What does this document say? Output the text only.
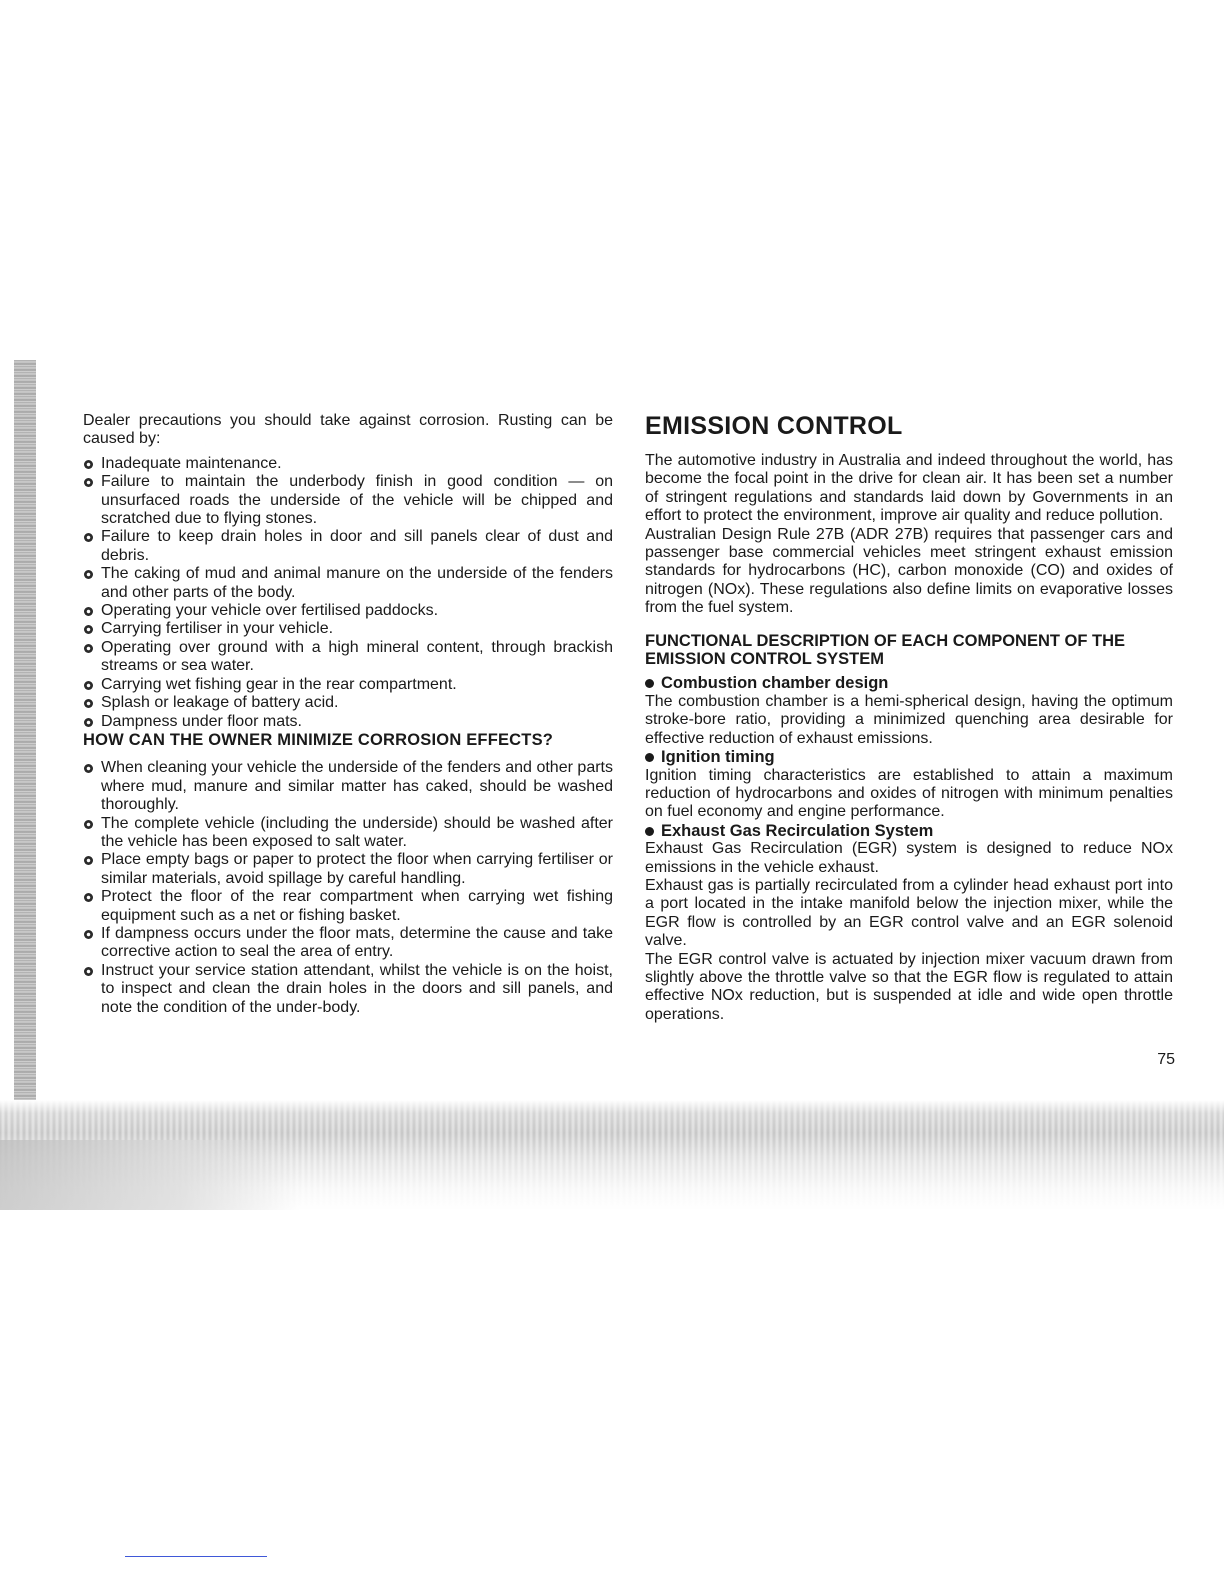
Dealer precautions you should take against corrosion. Rusting can be caused by:

Inadequate maintenance.
Failure to maintain the underbody finish in good condition — on unsurfaced roads the underside of the vehicle will be chipped and scratched due to flying stones.
Failure to keep drain holes in door and sill panels clear of dust and debris.
The caking of mud and animal manure on the underside of the fenders and other parts of the body.
Operating your vehicle over fertilised paddocks.
Carrying fertiliser in your vehicle.
Operating over ground with a high mineral content, through brackish streams or sea water.
Carrying wet fishing gear in the rear compartment.
Splash or leakage of battery acid.
Dampness under floor mats.
HOW CAN THE OWNER MINIMIZE CORROSION EFFECTS?
When cleaning your vehicle the underside of the fenders and other parts where mud, manure and similar matter has caked, should be washed thoroughly.
The complete vehicle (including the underside) should be washed after the vehicle has been exposed to salt water.
Place empty bags or paper to protect the floor when carrying fertiliser or similar materials, avoid spillage by careful handling.
Protect the floor of the rear compartment when carrying wet fishing equipment such as a net or fishing basket.
If dampness occurs under the floor mats, determine the cause and take corrective action to seal the area of entry.
Instruct your service station attendant, whilst the vehicle is on the hoist, to inspect and clean the drain holes in the doors and sill panels, and note the condition of the under-body.
EMISSION CONTROL

The automotive industry in Australia and indeed throughout the world, has become the focal point in the drive for clean air. It has been set a number of stringent regulations and standards laid down by Governments in an effort to protect the environment, improve air quality and reduce pollution.

Australian Design Rule 27B (ADR 27B) requires that passenger cars and passenger base commercial vehicles meet stringent exhaust emission standards for hydrocarbons (HC), carbon monoxide (CO) and oxides of nitrogen (NOx). These regulations also define limits on evaporative losses from the fuel system.

FUNCTIONAL DESCRIPTION OF EACH COMPONENT OF THE EMISSION CONTROL SYSTEM
Combustion chamber design

The combustion chamber is a hemi-spherical design, having the optimum stroke-bore ratio, providing a minimized quenching area desirable for effective reduction of exhaust emissions.

Ignition timing

Ignition timing characteristics are established to attain a maximum reduction of hydrocarbons and oxides of nitrogen with minimum penalties on fuel economy and engine performance.

Exhaust Gas Recirculation System

Exhaust Gas Recirculation (EGR) system is designed to reduce NOx emissions in the vehicle exhaust.

Exhaust gas is partially recirculated from a cylinder head exhaust port into a port located in the intake manifold below the injection mixer, while the EGR flow is controlled by an EGR control valve and an EGR solenoid valve.

The EGR control valve is actuated by injection mixer vacuum drawn from slightly above the throttle valve so that the EGR flow is regulated to attain effective NOx reduction, but is suspended at idle and wide open throttle operations.

75
